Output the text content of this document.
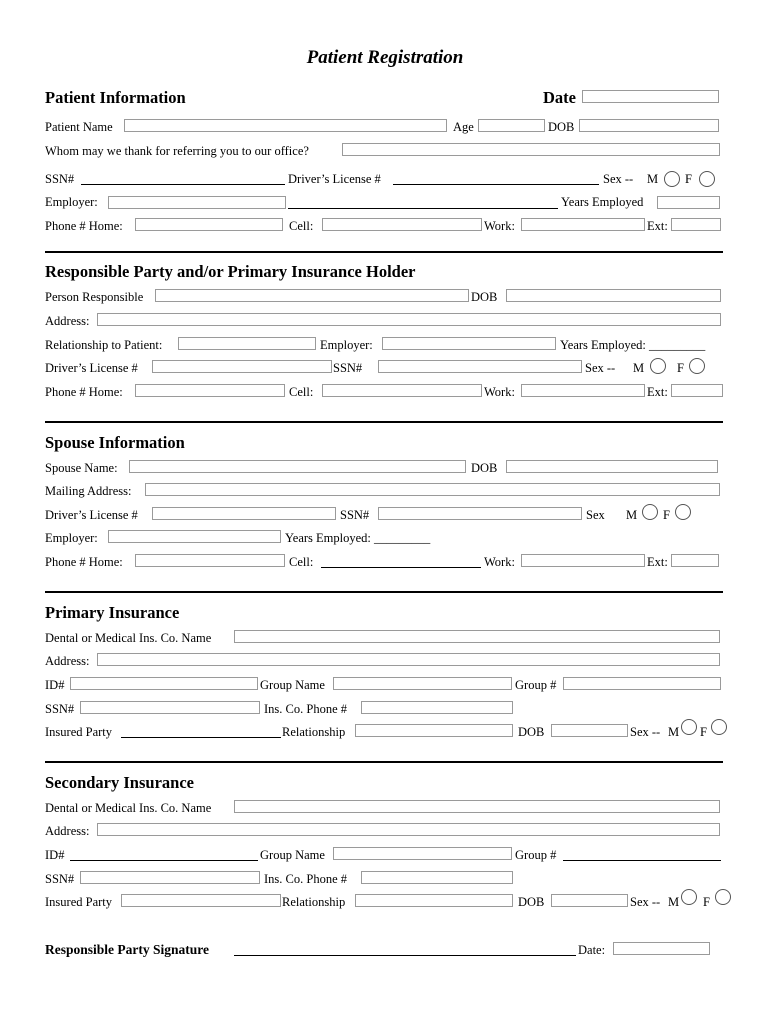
Patient Registration
Patient Information	Date
Patient Name	Age	DOB
Whom may we thank for referring you to our office?
SSN#	Driver’s License #	Sex -- M F
Employer:	Years Employed
Phone # Home:	Cell:	Work:	Ext:
Responsible Party and/or Primary Insurance Holder
Person Responsible	DOB
Address:
Relationship to Patient:	Employer:	Years Employed: _________
Driver’s License #	SSN#	Sex -- M	F
Phone # Home:	Cell:	Work:	Ext:
Spouse Information
Spouse Name:	DOB
Mailing Address:
Driver’s License #	SSN#	Sex M F
Employer:	Years Employed: _________
Phone # Home:	Cell:	Work:	Ext:
Primary Insurance
Dental or Medical Ins. Co. Name
Address:
ID#	Group Name	Group #
SSN#	Ins. Co. Phone #
Insured Party	Relationship	DOB	Sex -- M F
Secondary Insurance
Dental or Medical Ins. Co. Name
Address:
ID#	Group Name	Group #
SSN#	Ins. Co. Phone #
Insured Party	Relationship	DOB	Sex -- M F
Responsible Party Signature	Date:
